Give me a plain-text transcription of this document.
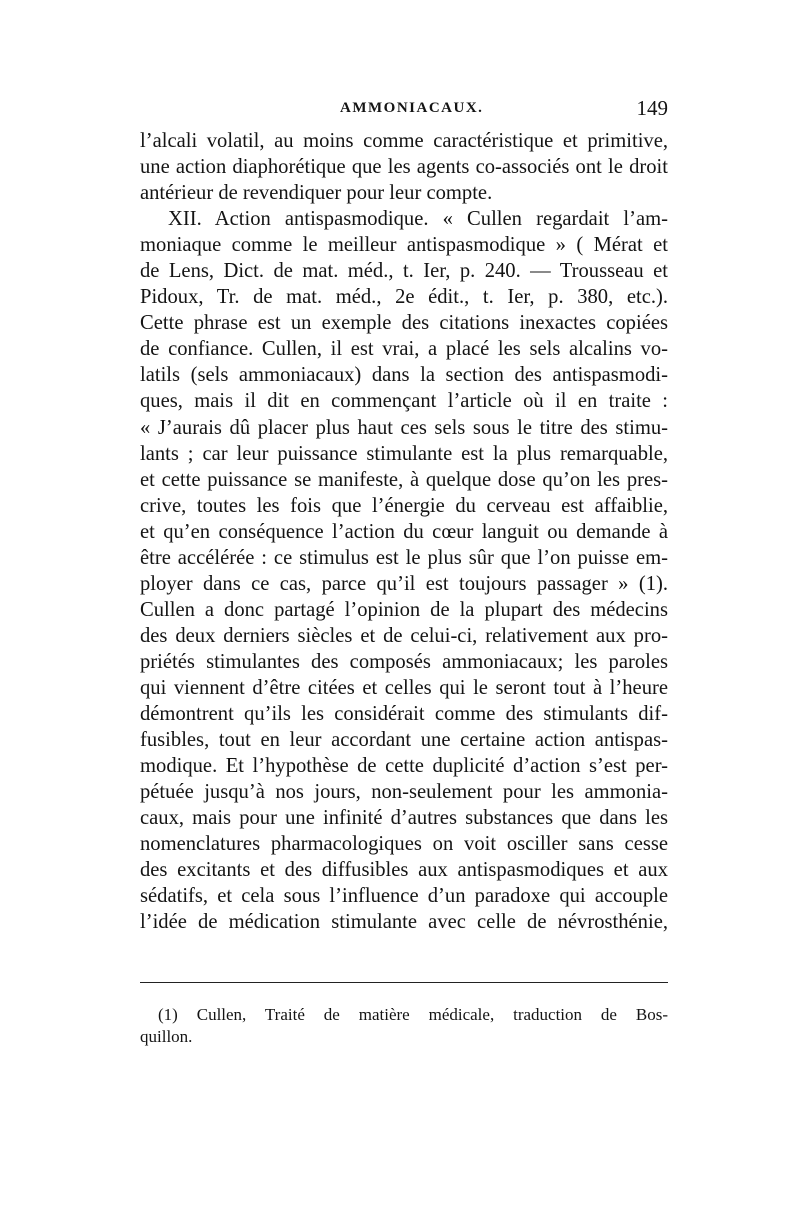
AMMONIACAUX.	149
l’alcali volatil, au moins comme caractéristique et primitive,
une action diaphorétique que les agents co-associés ont le droit
antérieur de revendiquer pour leur compte.
XII. Action antispasmodique. « Cullen regardait l’am-
moniaque comme le meilleur antispasmodique » ( Mérat et
de Lens, Dict. de mat. méd., t. Ier, p. 240. — Trousseau et
Pidoux, Tr. de mat. méd., 2e édit., t. Ier, p. 380, etc.).
Cette phrase est un exemple des citations inexactes copiées
de confiance. Cullen, il est vrai, a placé les sels alcalins vo-
latils (sels ammoniacaux) dans la section des antispasmodi-
ques, mais il dit en commençant l’article où il en traite :
« J’aurais dû placer plus haut ces sels sous le titre des stimu-
lants ; car leur puissance stimulante est la plus remarquable,
et cette puissance se manifeste, à quelque dose qu’on les pres-
crive, toutes les fois que l’énergie du cerveau est affaiblie,
et qu’en conséquence l’action du cœur languit ou demande à
être accélérée : ce stimulus est le plus sûr que l’on puisse em-
ployer dans ce cas, parce qu’il est toujours passager » (1).
Cullen a donc partagé l’opinion de la plupart des médecins
des deux derniers siècles et de celui-ci, relativement aux pro-
priétés stimulantes des composés ammoniacaux; les paroles
qui viennent d’être citées et celles qui le seront tout à l’heure
démontrent qu’ils les considérait comme des stimulants dif-
fusibles, tout en leur accordant une certaine action antispas-
modique. Et l’hypothèse de cette duplicité d’action s’est per-
pétuée jusqu’à nos jours, non-seulement pour les ammonia-
caux, mais pour une infinité d’autres substances que dans les
nomenclatures pharmacologiques on voit osciller sans cesse
des excitants et des diffusibles aux antispasmodiques et aux
sédatifs, et cela sous l’influence d’un paradoxe qui accouple
l’idée de médication stimulante avec celle de névrosthénie,
(1) Cullen, Traité de matière médicale, traduction de Bos-
quillon.
